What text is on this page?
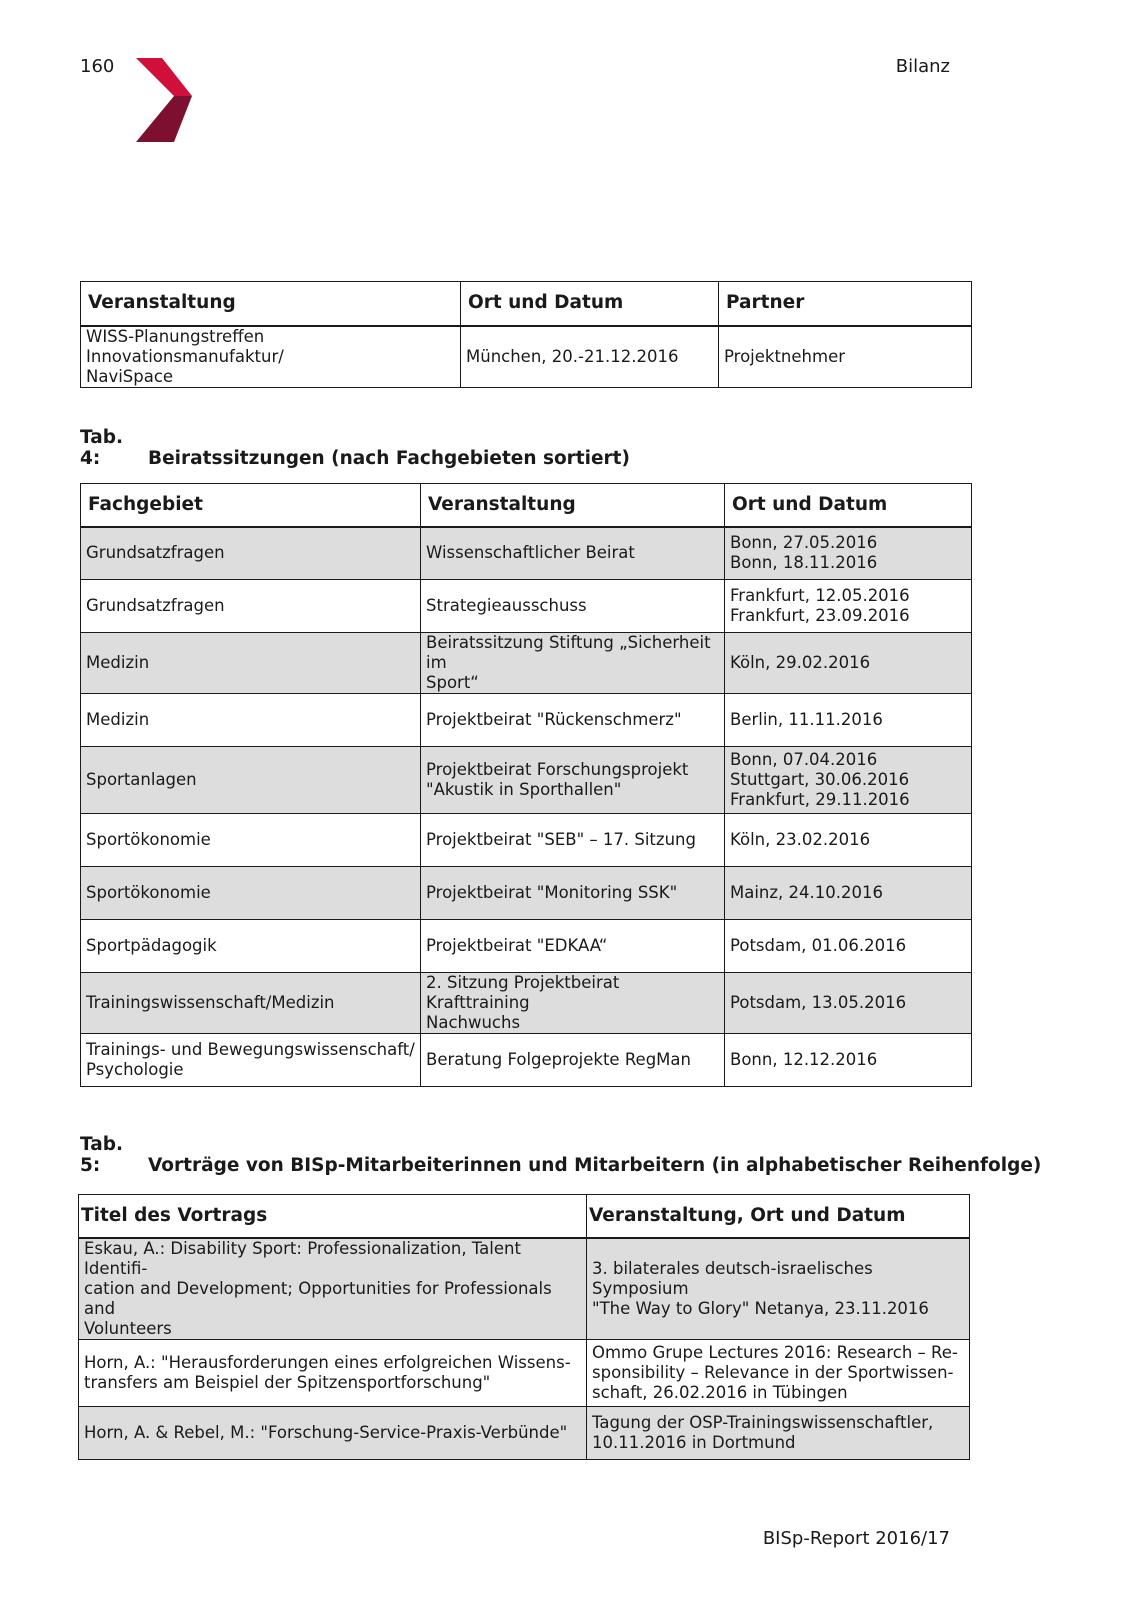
160	Bilanz
Veranstaltung	Ort und Datum	Partner

WISS-Planungstreffen Innovationsmanufaktur/
NaviSpace	München, 20.-21.12.2016	Projektnehmer
Tab. 4:	Beiratssitzungen (nach Fachgebieten sortiert)
Fachgebiet	Veranstaltung	Ort und Datum

Grundsatzfragen	Wissenschaftlicher Beirat	Bonn, 27.05.2016
Bonn, 18.11.2016

Grundsatzfragen	Strategieausschuss	Frankfurt, 12.05.2016
Frankfurt, 23.09.2016

Medizin	Beiratssitzung Stiftung „Sicherheit im
Sport“	Köln, 29.02.2016

Medizin	Projektbeirat "Rückenschmerz"	Berlin, 11.11.2016

Sportanlagen	Projektbeirat Forschungsprojekt
"Akustik in Sporthallen"	Bonn, 07.04.2016
Stuttgart, 30.06.2016
Frankfurt, 29.11.2016

Sportökonomie	Projektbeirat "SEB" – 17. Sitzung	Köln, 23.02.2016

Sportökonomie	Projektbeirat "Monitoring SSK"	Mainz, 24.10.2016

Sportpädagogik	Projektbeirat "EDKAA“	Potsdam, 01.06.2016

Trainingswissenschaft/Medizin	2. Sitzung Projektbeirat Krafttraining
Nachwuchs	Potsdam, 13.05.2016

Trainings- und Bewegungswissenschaft/
Psychologie	Beratung Folgeprojekte RegMan	Bonn, 12.12.2016
Tab. 5:	Vorträge von BISp-Mitarbeiterinnen und Mitarbeitern (in alphabetischer Reihenfolge)
Titel des Vortrags	Veranstaltung, Ort und Datum

Eskau, A.: Disability Sport: Professionalization, Talent Identifi-
cation and Development; Opportunities for Professionals and
Volunteers	3. bilaterales deutsch-israelisches Symposium
"The Way to Glory" Netanya, 23.11.2016

Horn, A.: "Herausforderungen eines erfolgreichen Wissens-
transfers am Beispiel der Spitzensportforschung"	Ommo Grupe Lectures 2016: Research – Re-
sponsibility – Relevance in der Sportwissen-
schaft, 26.02.2016 in Tübingen

Horn, A. & Rebel, M.: "Forschung-Service-Praxis-Verbünde"	Tagung der OSP-Trainingswissenschaftler,
10.11.2016 in Dortmund
BISp-Report 2016/17
